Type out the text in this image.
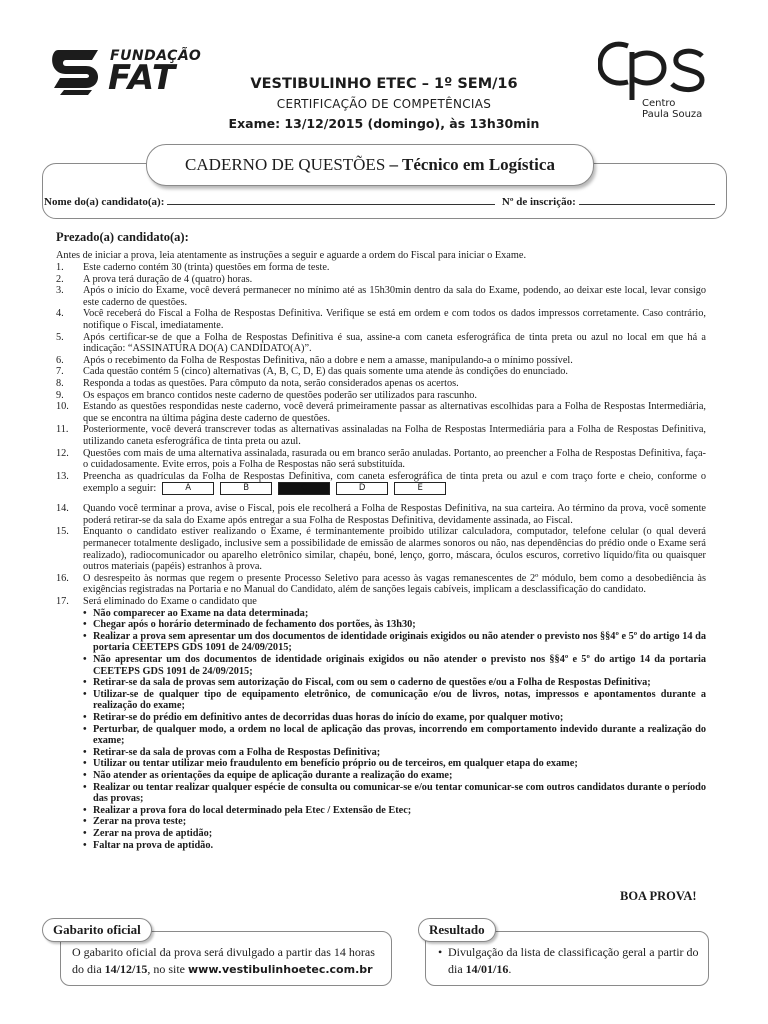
FUNDAÇÃO
FAT
Centro
Paula Souza
VESTIBULINHO ETEC – 1º SEM/16
CERTIFICAÇÃO DE COMPETÊNCIAS
Exame: 13/12/2015 (domingo), às 13h30min
CADERNO DE QUESTÕES – Técnico em Logística
Nome do(a) candidato(a):	Nº de inscrição:
Prezado(a) candidato(a):
Antes de iniciar a prova, leia atentamente as instruções a seguir e aguarde a ordem do Fiscal para iniciar o Exame.
1. Este caderno contém 30 (trinta) questões em forma de teste.
2. A prova terá duração de 4 (quatro) horas.
3. Após o início do Exame, você deverá permanecer no mínimo até as 15h30min dentro da sala do Exame, podendo, ao deixar este local, levar consigo este caderno de questões.
4. Você receberá do Fiscal a Folha de Respostas Definitiva. Verifique se está em ordem e com todos os dados impressos corretamente. Caso contrário, notifique o Fiscal, imediatamente.
5. Após certificar-se de que a Folha de Respostas Definitiva é sua, assine-a com caneta esferográfica de tinta preta ou azul no local em que há a indicação: “ASSINATURA DO(A) CANDIDATO(A)”.
6. Após o recebimento da Folha de Respostas Definitiva, não a dobre e nem a amasse, manipulando-a o mínimo possível.
7. Cada questão contém 5 (cinco) alternativas (A, B, C, D, E) das quais somente uma atende às condições do enunciado.
8. Responda a todas as questões. Para cômputo da nota, serão considerados apenas os acertos.
9. Os espaços em branco contidos neste caderno de questões poderão ser utilizados para rascunho.
10. Estando as questões respondidas neste caderno, você deverá primeiramente passar as alternativas escolhidas para a Folha de Respostas Intermediária, que se encontra na última página deste caderno de questões.
11. Posteriormente, você deverá transcrever todas as alternativas assinaladas na Folha de Respostas Intermediária para a Folha de Respostas Definitiva, utilizando caneta esferográfica de tinta preta ou azul.
12. Questões com mais de uma alternativa assinalada, rasurada ou em branco serão anuladas. Portanto, ao preencher a Folha de Respostas Definitiva, faça-o cuidadosamente. Evite erros, pois a Folha de Respostas não será substituída.
13. Preencha as quadrículas da Folha de Respostas Definitiva, com caneta esferográfica de tinta preta ou azul e com traço forte e cheio, conforme o exemplo a seguir:	A	B	C	D	E
14. Quando você terminar a prova, avise o Fiscal, pois ele recolherá a Folha de Respostas Definitiva, na sua carteira. Ao término da prova, você somente poderá retirar-se da sala do Exame após entregar a sua Folha de Respostas Definitiva, devidamente assinada, ao Fiscal.
15. Enquanto o candidato estiver realizando o Exame, é terminantemente proibido utilizar calculadora, computador, telefone celular (o qual deverá permanecer totalmente desligado, inclusive sem a possibilidade de emissão de alarmes sonoros ou não, nas dependências do prédio onde o Exame será realizado), radiocomunicador ou aparelho eletrônico similar, chapéu, boné, lenço, gorro, máscara, óculos escuros, corretivo líquido/fita ou quaisquer outros materiais (papéis) estranhos à prova.
16. O desrespeito às normas que regem o presente Processo Seletivo para acesso às vagas remanescentes de 2º módulo, bem como a desobediência às exigências registradas na Portaria e no Manual do Candidato, além de sanções legais cabíveis, implicam a desclassificação do candidato.
17. Será eliminado do Exame o candidato que
• Não comparecer ao Exame na data determinada;
• Chegar após o horário determinado de fechamento dos portões, às 13h30;
• Realizar a prova sem apresentar um dos documentos de identidade originais exigidos ou não atender o previsto nos §§4º e 5º do artigo 14 da portaria CEETEPS GDS 1091 de 24/09/2015;
• Não apresentar um dos documentos de identidade originais exigidos ou não atender o previsto nos §§4º e 5º do artigo 14 da portaria CEETEPS GDS 1091 de 24/09/2015;
• Retirar-se da sala de provas sem autorização do Fiscal, com ou sem o caderno de questões e/ou a Folha de Respostas Definitiva;
• Utilizar-se de qualquer tipo de equipamento eletrônico, de comunicação e/ou de livros, notas, impressos e apontamentos durante a realização do exame;
• Retirar-se do prédio em definitivo antes de decorridas duas horas do início do exame, por qualquer motivo;
• Perturbar, de qualquer modo, a ordem no local de aplicação das provas, incorrendo em comportamento indevido durante a realização do exame;
• Retirar-se da sala de provas com a Folha de Respostas Definitiva;
• Utilizar ou tentar utilizar meio fraudulento em benefício próprio ou de terceiros, em qualquer etapa do exame;
• Não atender as orientações da equipe de aplicação durante a realização do exame;
• Realizar ou tentar realizar qualquer espécie de consulta ou comunicar-se e/ou tentar comunicar-se com outros candidatos durante o período das provas;
• Realizar a prova fora do local determinado pela Etec / Extensão de Etec;
• Zerar na prova teste;
• Zerar na prova de aptidão;
• Faltar na prova de aptidão.
BOA PROVA!
Gabarito oficial
O gabarito oficial da prova será divulgado a partir das 14 horas do dia 14/12/15, no site www.vestibulinhoetec.com.br
Resultado
• Divulgação da lista de classificação geral a partir do dia 14/01/16.
